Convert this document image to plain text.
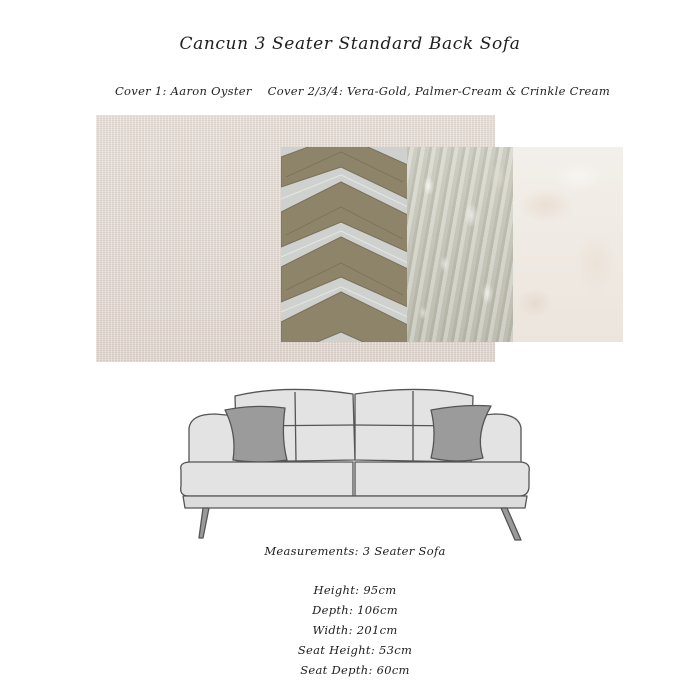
Cancun 3 Seater Standard Back Sofa
Cover 1: Aaron Oyster Cover 2/3/4: Vera-Gold, Palmer-Cream & Crinkle Cream
Measurements: 3 Seater Sofa
Height: 95cm
Depth: 106cm
Width: 201cm
Seat Height: 53cm
Seat Depth: 60cm
